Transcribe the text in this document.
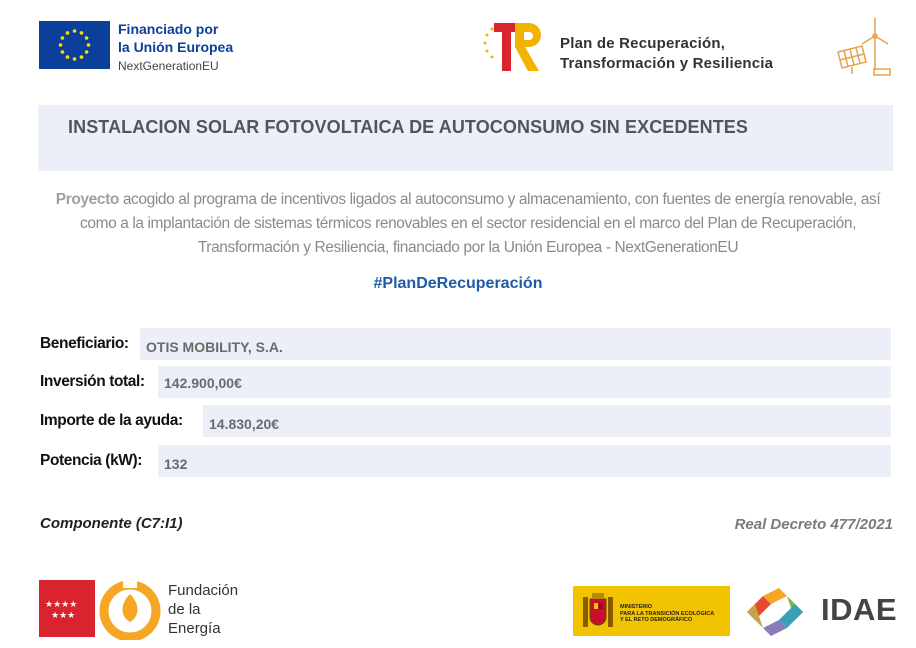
Financiado por
la Unión Europea
NextGenerationEU
Plan de Recuperación,
Transformación y Resiliencia
INSTALACION SOLAR FOTOVOLTAICA DE AUTOCONSUMO SIN EXCEDENTES
Proyecto acogido al programa de incentivos ligados al autoconsumo y almacenamiento, con fuentes de energía renovable, así como a la implantación de sistemas térmicos renovables en el sector residencial en el marco del Plan de Recuperación, Transformación y Resiliencia, financiado por la Unión Europea - NextGenerationEU
#PlanDeRecuperación
Beneficiario: OTIS MOBILITY, S.A.
Inversión total: 142.900,00€
Importe de la ayuda: 14.830,20€
Potencia (kW): 132
Componente (C7:I1)	Real Decreto 477/2021
★★★★
★★★
Fundación
de la
Energía
MINISTERIO
PARA LA TRANSICIÓN ECOLÓGICA
Y EL RETO DEMOGRÁFICO	IDAE
